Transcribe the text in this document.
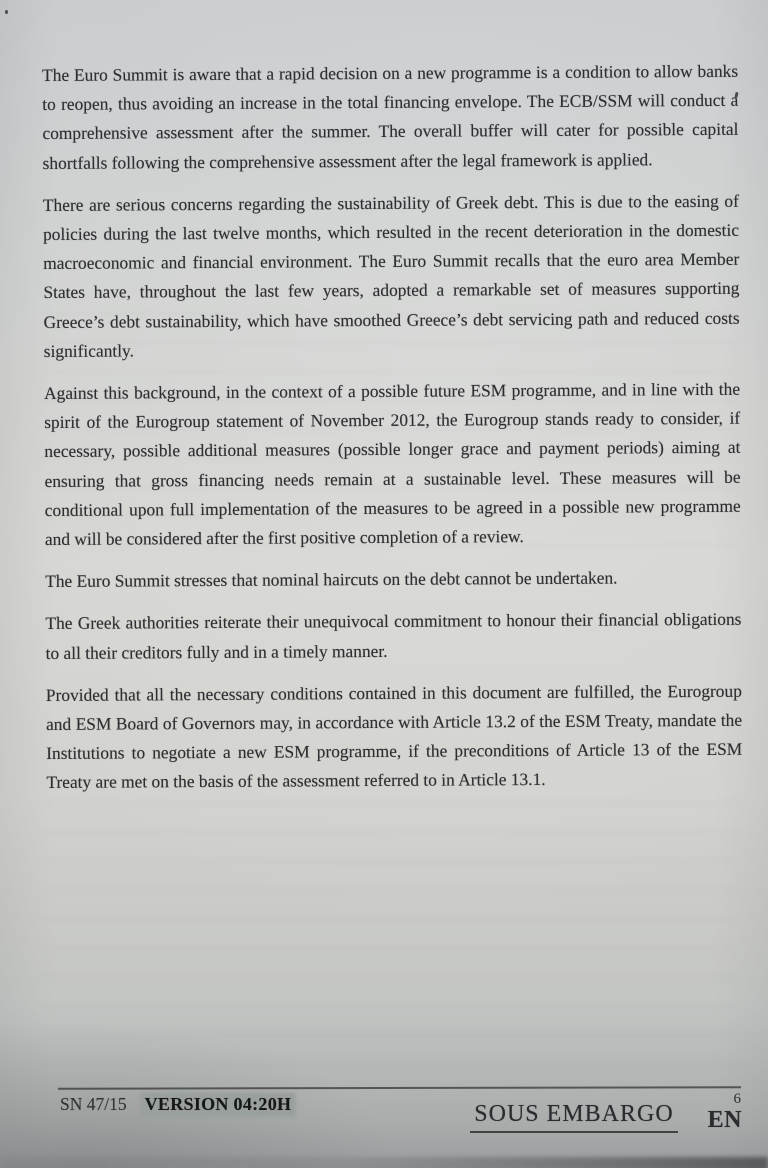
The Euro Summit is aware that a rapid decision on a new programme is a condition to allow banks to reopen, thus avoiding an increase in the total financing envelope. The ECB/SSM will conduct a comprehensive assessment after the summer. The overall buffer will cater for possible capital shortfalls following the comprehensive assessment after the legal framework is applied.

There are serious concerns regarding the sustainability of Greek debt. This is due to the easing of policies during the last twelve months, which resulted in the recent deterioration in the domestic macroeconomic and financial environment. The Euro Summit recalls that the euro area Member States have, throughout the last few years, adopted a remarkable set of measures supporting Greece’s debt sustainability, which have smoothed Greece’s debt servicing path and reduced costs significantly.

Against this background, in the context of a possible future ESM programme, and in line with the spirit of the Eurogroup statement of November 2012, the Eurogroup stands ready to consider, if necessary, possible additional measures (possible longer grace and payment periods) aiming at ensuring that gross financing needs remain at a sustainable level. These measures will be conditional upon full implementation of the measures to be agreed in a possible new programme and will be considered after the first positive completion of a review.

The Euro Summit stresses that nominal haircuts on the debt cannot be undertaken.

The Greek authorities reiterate their unequivocal commitment to honour their financial obligations to all their creditors fully and in a timely manner.

Provided that all the necessary conditions contained in this document are fulfilled, the Eurogroup and ESM Board of Governors may, in accordance with Article 13.2 of the ESM Treaty, mandate the Institutions to negotiate a new ESM programme, if the preconditions of Article 13 of the ESM Treaty are met on the basis of the assessment referred to in Article 13.1.

SN 47/15 VERSION 04:20H	SOUS EMBARGO
6
EN
